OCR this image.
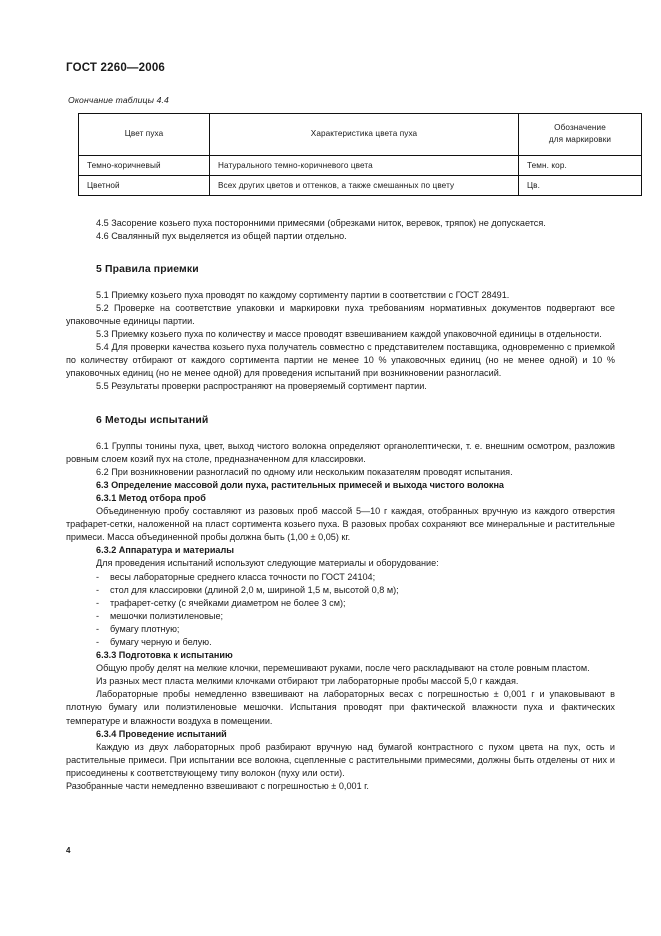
ГОСТ 2260—2006
Окончание таблицы 4.4
Цвет пуха	Характеристика цвета пуха	Обозначение
для маркировки
Темно-коричневый	Натурального темно-коричневого цвета	Темн. кор.
Цветной	Всех других цветов и оттенков, а также смешанных по цвету	Цв.

4.5 Засорение козьего пуха посторонними примесями (обрезками ниток, веревок, тряпок) не допускается.

4.6 Свалянный пух выделяется из общей партии отдельно.

5 Правила приемки

5.1 Приемку козьего пуха проводят по каждому сортименту партии в соответствии с ГОСТ 28491.

5.2 Проверке на соответствие упаковки и маркировки пуха требованиям нормативных документов подвергают все упаковочные единицы партии.

5.3 Приемку козьего пуха по количеству и массе проводят взвешиванием каждой упаковочной единицы в отдельности.

5.4 Для проверки качества козьего пуха получатель совместно с представителем поставщика, одновременно с приемкой по количеству отбирают от каждого сортимента партии не менее 10 % упаковочных единиц (но не менее одной) и 10 % упаковочных единиц (но не менее одной) для проведения испытаний при возникновении разногласий.

5.5 Результаты проверки распространяют на проверяемый сортимент партии.

6 Методы испытаний

6.1 Группы тонины пуха, цвет, выход чистого волокна определяют органолептически, т. е. внешним осмотром, разложив ровным слоем козий пух на столе, предназначенном для классировки.

6.2 При возникновении разногласий по одному или нескольким показателям проводят испытания.

6.3 Определение массовой доли пуха, растительных примесей и выхода чистого волокна
6.3.1 Метод отбора проб

Объединенную пробу составляют из разовых проб массой 5—10 г каждая, отобранных вручную из каждого отверстия трафарет-сетки, наложенной на пласт сортимента козьего пуха. В разовых пробах сохраняют все минеральные и растительные примеси. Масса объединенной пробы должна быть (1,00 ± 0,05) кг.

6.3.2 Аппаратура и материалы

Для проведения испытаний используют следующие материалы и оборудование:

- весы лабораторные среднего класса точности по ГОСТ 24104;
- стол для классировки (длиной 2,0 м, шириной 1,5 м, высотой 0,8 м);
- трафарет-сетку (с ячейками диаметром не более 3 см);
- мешочки полиэтиленовые;
- бумагу плотную;
- бумагу черную и белую.
6.3.3 Подготовка к испытанию

Общую пробу делят на мелкие клочки, перемешивают руками, после чего раскладывают на столе ровным пластом.

Из разных мест пласта мелкими клочками отбирают три лабораторные пробы массой 5,0 г каждая.

Лабораторные пробы немедленно взвешивают на лабораторных весах с погрешностью ± 0,001 г и упаковывают в плотную бумагу или полиэтиленовые мешочки. Испытания проводят при фактической влажности пуха и фактических температуре и влажности воздуха в помещении.

6.3.4 Проведение испытаний

Каждую из двух лабораторных проб разбирают вручную над бумагой контрастного с пухом цвета на пух, ость и растительные примеси. При испытании все волокна, сцепленные с растительными примесями, должны быть отделены от них и присоединены к соответствующему типу волокон (пуху или ости).

Разобранные части немедленно взвешивают с погрешностью ± 0,001 г.

4
